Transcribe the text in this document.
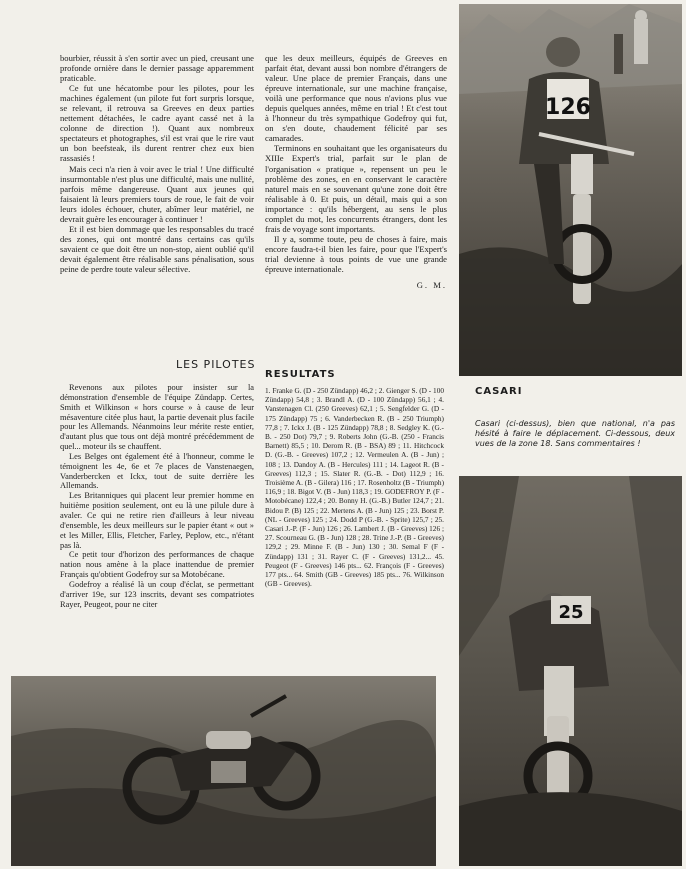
bourbier, réussit à s'en sortir avec un pied, creusant une profonde ornière dans le dernier passage apparemment praticable.

Ce fut une hécatombe pour les pilotes, pour les machines également (un pilote fut fort surpris lorsque, se relevant, il retrouva sa Greeves en deux parties nettement détachées, le cadre ayant cassé net à la colonne de direction !). Quant aux nombreux spectateurs et photographes, s'il est vrai que le rire vaut un bon beefsteak, ils durent rentrer chez eux bien rassasiés !

Mais ceci n'a rien à voir avec le trial ! Une difficulté insurmontable n'est plus une difficulté, mais une nullité, parfois même dangereuse. Quant aux jeunes qui faisaient là leurs premiers tours de roue, le fait de voir leurs idoles échouer, chuter, abîmer leur matériel, ne devrait guère les encourager à continuer !

Et il est bien dommage que les responsables du tracé des zones, qui ont montré dans certains cas qu'ils savaient ce que doit être un non-stop, aient oublié qu'il devait également être réalisable sans pénalisation, sous peine de perdre toute valeur sélective.

que les deux meilleurs, équipés de Greeves en parfait état, devant aussi bon nombre d'étrangers de valeur. Une place de premier Français, dans une épreuve internationale, sur une machine française, voilà une performance que nous n'avions plus vue depuis quelques années, même en trial ! Et c'est tout à l'honneur du très sympathique Godefroy qui fut, on s'en doute, chaudement félicité par ses camarades.

Terminons en souhaitant que les organisateurs du XIIIe Expert's trial, parfait sur le plan de l'organisation « pratique », repensent un peu le problème des zones, en en conservant le caractère naturel mais en se souvenant qu'une zone doit être réalisable à 0. Et puis, un détail, mais qui a son importance : qu'ils hébergent, au sens le plus complet du mot, les concurrents étrangers, dont les frais de voyage sont importants.

Il y a, somme toute, peu de choses à faire, mais encore faudra-t-il bien les faire, pour que l'Expert's trial devienne à tous points de vue une grande épreuve internationale.

G. M.

LES PILOTES

Revenons aux pilotes pour insister sur la démonstration d'ensemble de l'équipe Zündapp. Certes, Smith et Wilkinson « hors course » à cause de leur mésaventure citée plus haut, la partie devenait plus facile pour les Allemands. Néanmoins leur mérite reste entier, d'autant plus que tous ont déjà montré précédemment de quel... moteur ils se chauffent.

Les Belges ont également été à l'honneur, comme le témoignent les 4e, 6e et 7e places de Vanstenaegen, Vanderbercken et Ickx, tout de suite derrière les Allemands.

Les Britanniques qui placent leur premier homme en huitième position seulement, ont eu là une pilule dure à avaler. Ce qui ne retire rien d'ailleurs à leur niveau d'ensemble, les deux meilleurs sur le papier étant « out » et les Miller, Ellis, Fletcher, Farley, Peplow, etc., n'étant pas là.

Ce petit tour d'horizon des performances de chaque nation nous amène à la place inattendue de premier Français qu'obtient Godefroy sur sa Motobécane.

Godefroy a réalisé là un coup d'éclat, se permettant d'arriver 19e, sur 123 inscrits, devant ses compatriotes Rayer, Peugeot, pour ne citer

RESULTATS
1. Franke G. (D - 250 Zündapp) 46,2 ; 2. Gienger S. (D - 100 Zündapp) 54,8 ; 3. Brandl A. (D - 100 Zündapp) 56,1 ; 4. Vanstenagen Cl. (250 Greeves) 62,1 ; 5. Sengfelder G. (D - 175 Zündapp) 75 ; 6. Vanderbecken R. (B - 250 Triumph) 77,8 ; 7. Ickx J. (B - 125 Zündapp) 78,8 ; 8. Sedgley K. (G.-B. - 250 Dot) 79,7 ; 9. Roberts John (G.-B. (250 - Francis Barnett) 85,5 ; 10. Derom R. (B - BSA) 89 ; 11. Hitchcock D. (G.-B. - Greeves) 107,2 ; 12. Vermeulen A. (B - Jun) ; 108 ; 13. Dandoy A. (B - Hercules) 111 ; 14. Lageot R. (B - Greeves) 112,3 ; 15. Slater R. (G.-B. - Dot) 112,9 ; 16. Troisième A. (B - Gilera) 116 ; 17. Rosenholtz (B - Triumph) 116,9 ; 18. Bigot V. (B - Jun) 118,3 ; 19. GODEFROY P. (F - Motobécane) 122,4 ; 20. Bonny H. (G.-B.) Butler 124,7 ; 21. Bidou P. (B) 125 ; 22. Mertens A. (B - Jun) 125 ; 23. Borst P. (NL - Greeves) 125 ; 24. Dodd P (G.-B. - Sprite) 125,7 ; 25. Casari J.-P. (F - Jun) 126 ; 26. Lambert J. (B - Greeves) 126 ; 27. Scourneau G. (B - Jun) 128 ; 28. Trine J.-P. (B - Greeves) 129,2 ; 29. Minne F. (B - Jun) 130 ; 30. Semal F (F - Zündapp) 131 ; 31. Rayer C. (F - Greeves) 131,2... 45. Peugeot (F - Greeves) 146 pts... 62. François (F - Greeves) 177 pts... 64. Smith (GB - Greeves) 185 pts... 76. Wilkinson (GB - Greeves).
126
CASARI
Casari (ci-dessus), bien que national, n'a pas hésité à faire le déplacement. Ci-dessous, deux vues de la zone 18. Sans commentaires !
25
